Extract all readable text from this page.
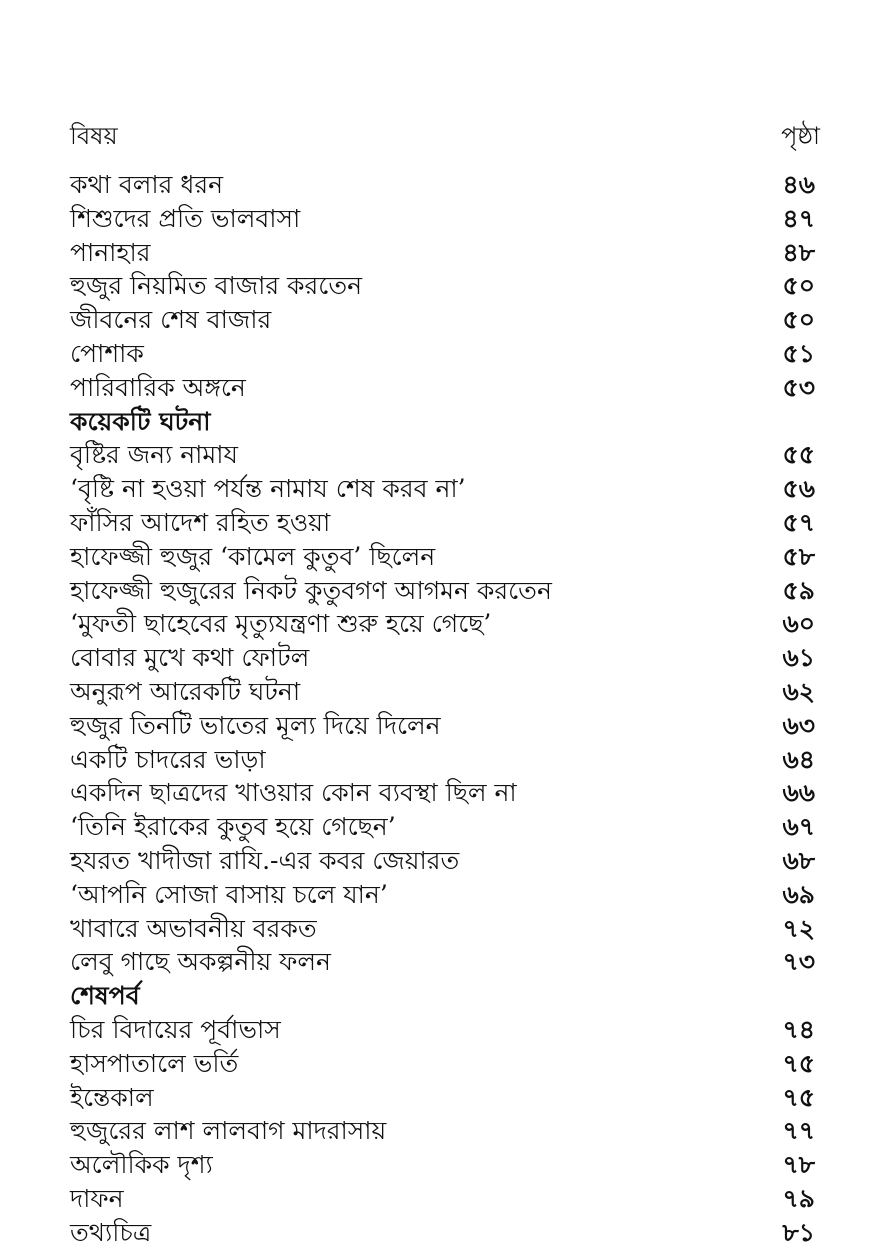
বিষয়	পৃষ্ঠা
কথা বলার ধরন	৪৬
শিশুদের প্রতি ভালবাসা	৪৭
পানাহার	৪৮
হুজুর নিয়মিত বাজার করতেন	৫০
জীবনের শেষ বাজার	৫০
পোশাক	৫১
পারিবারিক অঙ্গনে	৫৩
কয়েকটি ঘটনা
বৃষ্টির জন্য নামায	৫৫
‘বৃষ্টি না হওয়া পর্যন্ত নামায শেষ করব না’	৫৬
ফাঁসির আদেশ রহিত হওয়া	৫৭
হাফেজ্জী হুজুর ‘কামেল কুতুব’ ছিলেন	৫৮
হাফেজ্জী হুজুরের নিকট কুতুবগণ আগমন করতেন	৫৯
‘মুফতী ছাহেবের মৃত্যুযন্ত্রণা শুরু হয়ে গেছে’	৬০
বোবার মুখে কথা ফোটল	৬১
অনুরূপ আরেকটি ঘটনা	৬২
হুজুর তিনটি ভাতের মূল্য দিয়ে দিলেন	৬৩
একটি চাদরের ভাড়া	৬৪
একদিন ছাত্রদের খাওয়ার কোন ব্যবস্থা ছিল না	৬৬
‘তিনি ইরাকের কুতুব হয়ে গেছেন’	৬৭
হযরত খাদীজা রাযি.-এর কবর জেয়ারত	৬৮
‘আপনি সোজা বাসায় চলে যান’	৬৯
খাবারে অভাবনীয় বরকত	৭২
লেবু গাছে অকল্পনীয় ফলন	৭৩
শেষপর্ব
চির বিদায়ের পূর্বাভাস	৭৪
হাসপাতালে ভর্তি	৭৫
ইন্তেকাল	৭৫
হুজুরের লাশ লালবাগ মাদরাসায়	৭৭
অলৌকিক দৃশ্য	৭৮
দাফন	৭৯
তথ্যচিত্র	৮১
